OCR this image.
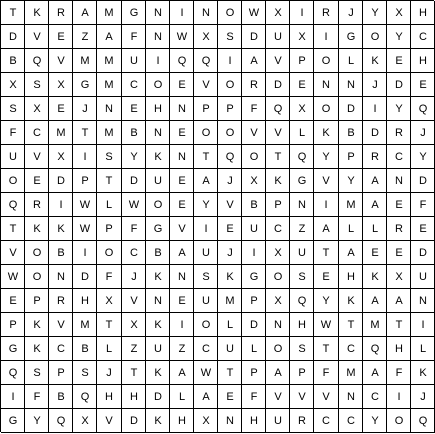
T	K	R	A	M	G	N	I	N	O	W	X	I	R	J	Y	X	H
D	V	E	Z	A	F	N	W	X	S	D	U	X	I	G	O	Y	C
B	Q	V	M	M	U	I	Q	Q	I	A	V	P	O	L	K	E	H
X	S	X	G	M	C	O	E	V	O	R	D	E	N	N	J	D	E
S	X	E	J	N	E	H	N	P	P	F	Q	X	O	D	I	Y	Q
F	C	M	T	M	B	N	E	O	O	V	V	L	K	B	D	R	J
U	V	X	I	S	Y	K	N	T	Q	O	T	Q	Y	P	R	C	Y
O	E	D	P	T	D	U	E	A	J	X	K	G	V	Y	A	N	D
Q	R	I	W	L	W	O	E	Y	V	B	P	N	I	M	A	E	F
T	K	K	W	P	F	G	V	I	E	U	C	Z	A	L	L	R	E
V	O	B	I	O	C	B	A	U	J	I	X	U	T	A	E	E	D
W	O	N	D	F	J	K	N	S	K	G	O	S	E	H	K	X	U
E	P	R	H	X	V	N	E	U	M	P	X	Q	Y	K	A	A	N
P	K	V	M	T	X	K	I	O	L	D	N	H	W	T	M	T	I
G	K	C	B	L	Z	U	Z	C	U	L	O	S	T	C	Q	H	L
Q	S	P	S	J	T	K	A	W	T	P	A	P	F	M	A	F	K
I	F	B	Q	H	H	D	L	A	E	F	V	V	V	N	C	I	J
G	Y	Q	X	V	D	K	H	X	N	H	U	R	C	C	Y	O	Q
